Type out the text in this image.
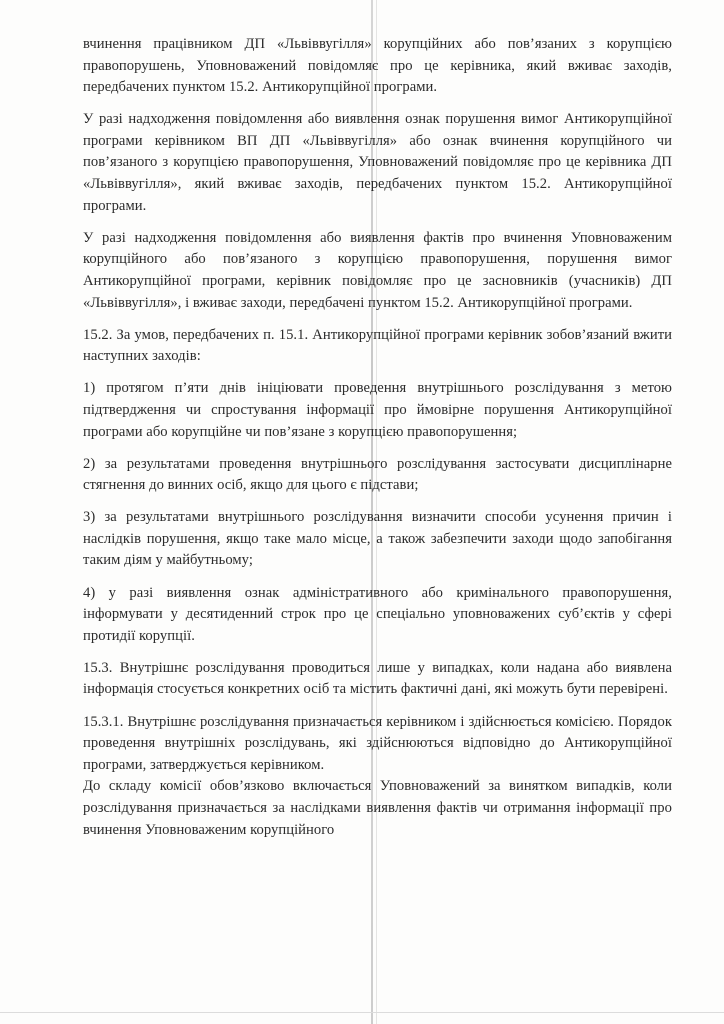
вчинення працівником ДП «Львіввугілля» корупційних або пов’язаних з корупцією правопорушень, Уповноважений повідомляє про це керівника, який вживає заходів, передбачених пунктом 15.2. Антикорупційної програми.

У разі надходження повідомлення або виявлення ознак порушення вимог Антикорупційної програми керівником ВП ДП «Львіввугілля» або ознак вчинення корупційного чи пов’язаного з корупцією правопорушення, Уповноважений повідомляє про це керівника ДП «Львіввугілля», який вживає заходів, передбачених пунктом 15.2. Антикорупційної програми.

У разі надходження повідомлення або виявлення фактів про вчинення Уповноваженим корупційного або пов’язаного з корупцією правопорушення, порушення вимог Антикорупційної програми, керівник повідомляє про це засновників (учасників) ДП «Львіввугілля», і вживає заходи, передбачені пунктом 15.2. Антикорупційної програми.

15.2. За умов, передбачених п. 15.1. Антикорупційної програми керівник зобов’язаний вжити наступних заходів:

1) протягом п’яти днів ініціювати проведення внутрішнього розслідування з метою підтвердження чи спростування інформації про ймовірне порушення Антикорупційної програми або корупційне чи пов’язане з корупцією правопорушення;

2) за результатами проведення внутрішнього розслідування застосувати дисциплінарне стягнення до винних осіб, якщо для цього є підстави;

3) за результатами внутрішнього розслідування визначити способи усунення причин і наслідків порушення, якщо таке мало місце, а також забезпечити заходи щодо запобігання таким діям у майбутньому;

4) у разі виявлення ознак адміністративного або кримінального правопорушення, інформувати у десятиденний строк про це спеціально уповноважених суб’єктів у сфері протидії корупції.

15.3. Внутрішнє розслідування проводиться лише у випадках, коли надана або виявлена інформація стосується конкретних осіб та містить фактичні дані, які можуть бути перевірені.

15.3.1. Внутрішнє розслідування призначається керівником і здійснюється комісією. Порядок проведення внутрішніх розслідувань, які здійснюються відповідно до Антикорупційної програми, затверджується керівником.

До складу комісії обов’язково включається Уповноважений за винятком випадків, коли розслідування призначається за наслідками виявлення фактів чи отримання інформації про вчинення Уповноваженим корупційного
